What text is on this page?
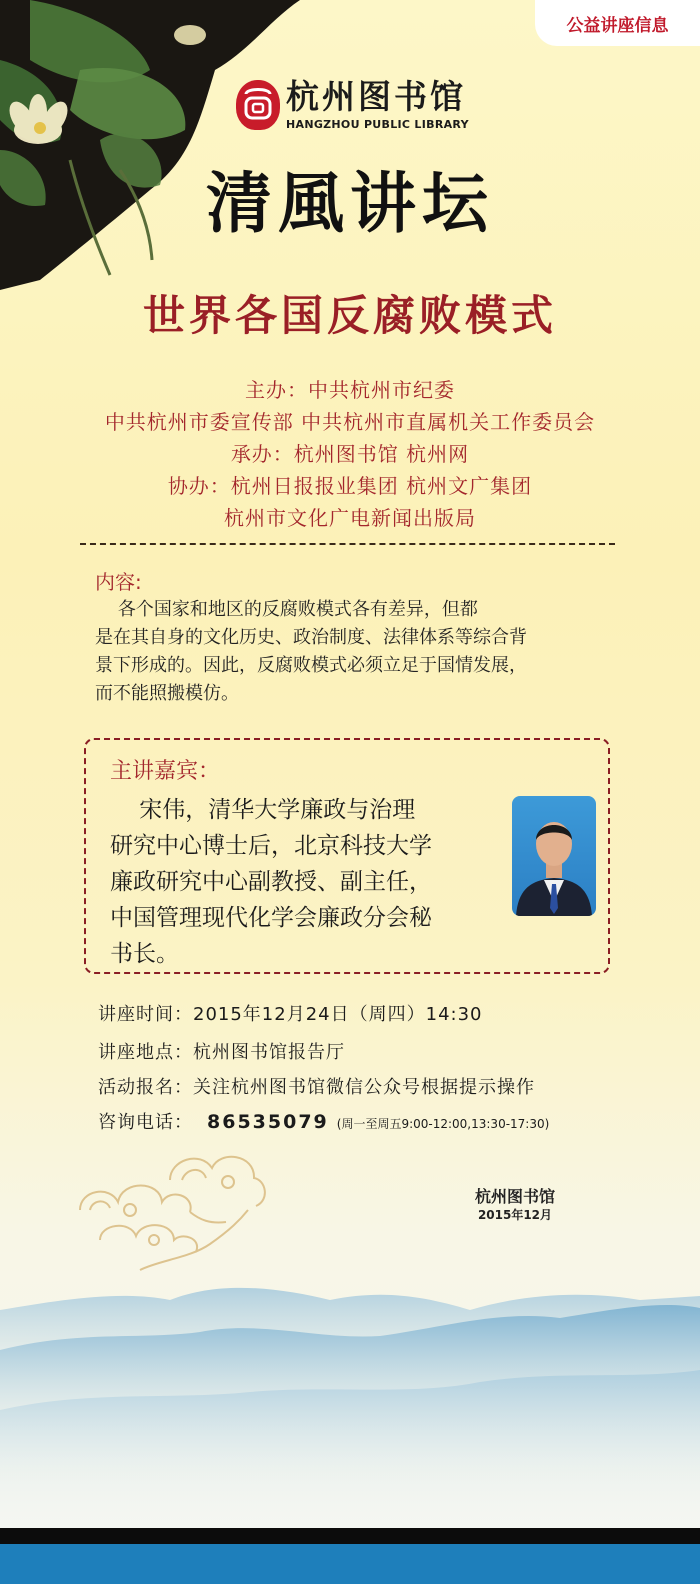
公益讲座信息
杭州图书馆
HANGZHOU PUBLIC LIBRARY
清風讲坛
世界各国反腐败模式
主办：中共杭州市纪委
中共杭州市委宣传部 中共杭州市直属机关工作委员会
承办：杭州图书馆 杭州网
协办：杭州日报报业集团 杭州文广集团
杭州市文化广电新闻出版局
内容:
各个国家和地区的反腐败模式各有差异，但都
是在其自身的文化历史、政治制度、法律体系等综合背
景下形成的。因此，反腐败模式必须立足于国情发展，
而不能照搬模仿。
主讲嘉宾：
宋伟，清华大学廉政与治理
研究中心博士后，北京科技大学
廉政研究中心副教授、副主任，
中国管理现代化学会廉政分会秘
书长。
讲座时间：2015年12月24日（周四）14:30
讲座地点：杭州图书馆报告厅
活动报名：关注杭州图书馆微信公众号根据提示操作
咨询电话： 86535079 (周一至周五9:00-12:00,13:30-17:30)
杭州图书馆
2015年12月
